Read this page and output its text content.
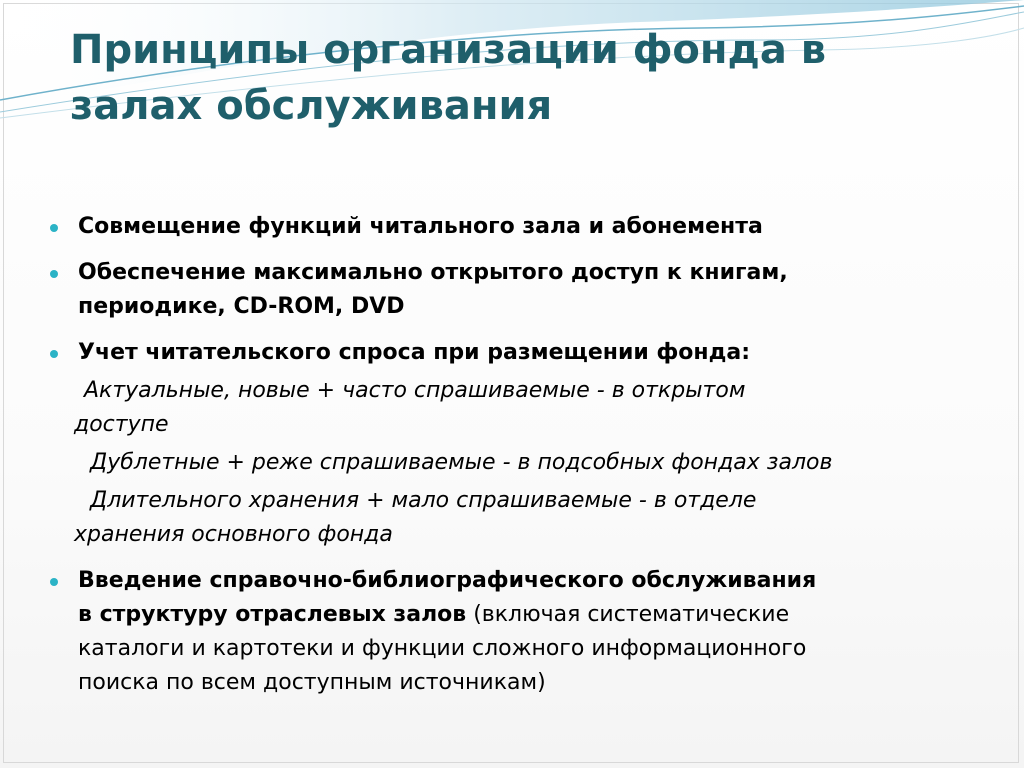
Принципы организации фонда в
залах обслуживания
Совмещение функций читального зала и абонемента
Обеспечение максимально открытого доступ к книгам,
периодике, CD-ROM, DVD
Учет читательского спроса при размещении фонда:
Актуальные, новые + часто спрашиваемые - в открытом
доступе
Дублетные + реже спрашиваемые - в подсобных фондах залов
Длительного хранения + мало спрашиваемые - в отделе
хранения основного фонда
Введение справочно-библиографического обслуживания
в структуру отраслевых залов (включая систематические
каталоги и картотеки и функции сложного информационного
поиска по всем доступным источникам)
